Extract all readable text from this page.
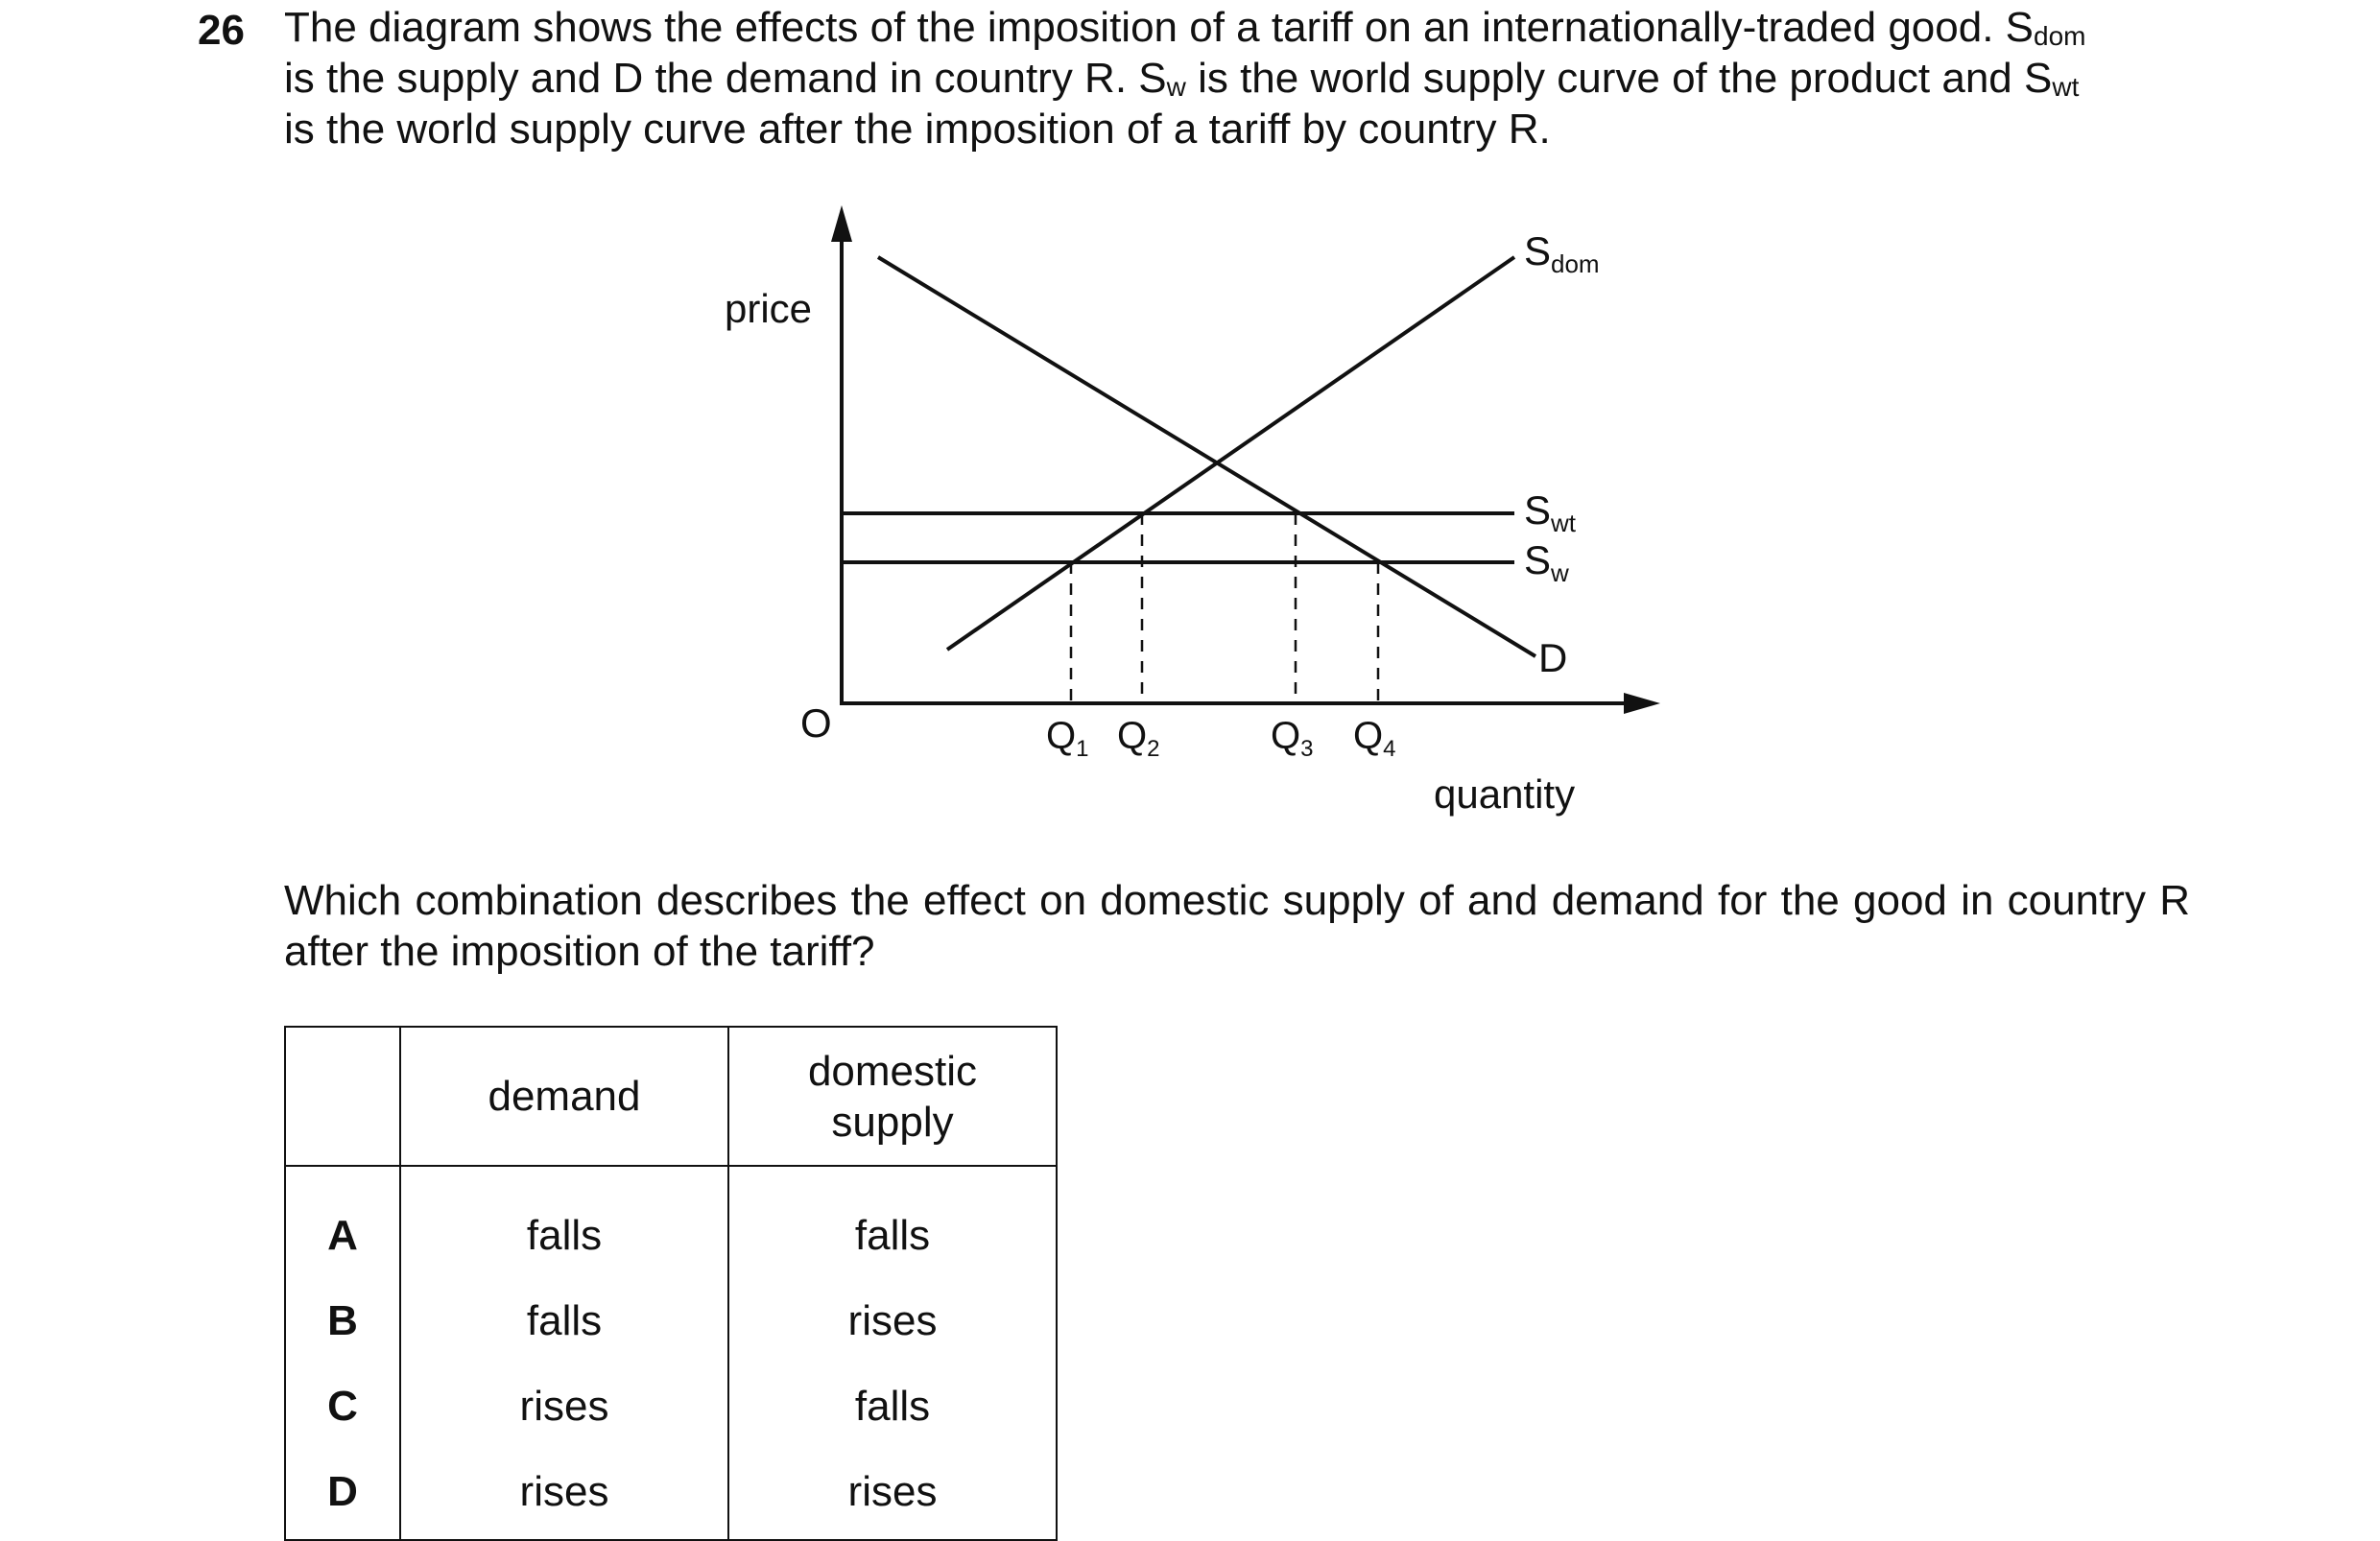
26 The diagram shows the effects of the imposition of a tariff on an internationally-traded good. $S_{dom}$
is the supply and D the demand in country R. $S_w$ is the world supply curve of the product and $S_{wt}$
is the world supply curve after the imposition of a tariff by country R.
price
quantity
O
Sdom
Swt
Sw
D
$Q_1$ $Q_2$	$Q_3$ $Q_4$
Which combination describes the effect on domestic supply of and demand for the good in country R after the imposition of the tariff?
	demand	domestic
supply
A	falls	falls
B	falls	rises
C	rises	falls
D	rises	rises
